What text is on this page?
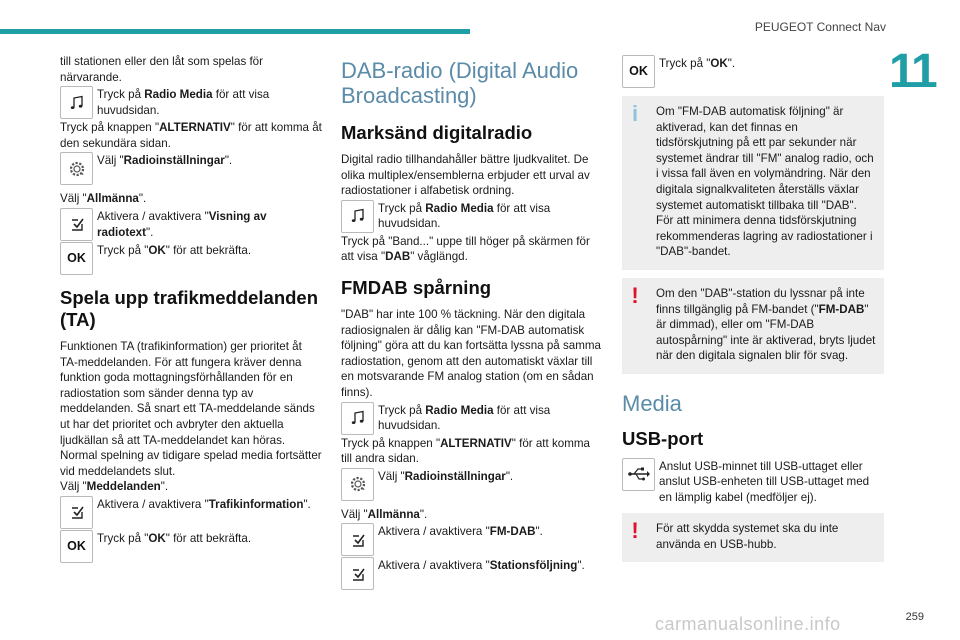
PEUGEOT Connect Nav
11
till stationen eller den låt som spelas för närvarande.
Tryck på Radio Media för att visa huvudsidan.
Tryck på knappen "ALTERNATIV" för att komma åt den sekundära sidan.
Välj "Radioinställningar".
Välj "Allmänna".
Aktivera / avaktivera "Visning av radiotext".
OK
Tryck på "OK" för att bekräfta.
Spela upp trafikmeddelanden (TA)
Funktionen TA (trafikinformation) ger prioritet åt TA-meddelanden. För att fungera kräver denna funktion goda mottagningsförhållanden för en radiostation som sänder denna typ av meddelanden. Så snart ett TA-meddelande sänds ut har det prioritet och avbryter den aktuella ljudkällan så att TA-meddelandet kan höras. Normal spelning av tidigare spelad media fortsätter vid meddelandets slut.
Välj "Meddelanden".
Aktivera / avaktivera "Trafikinformation".
OK
Tryck på "OK" för att bekräfta.
DAB-radio (Digital Audio Broadcasting)
Marksänd digitalradio
Digital radio tillhandahåller bättre ljudkvalitet. De olika multiplex/ensemblerna erbjuder ett urval av radiostationer i alfabetisk ordning.
Tryck på Radio Media för att visa huvudsidan.
Tryck på "Band..." uppe till höger på skärmen för att visa "DAB" våglängd.
FMDAB spårning
"DAB" har inte 100 % täckning. När den digitala radiosignalen är dålig kan "FM-DAB automatisk följning" göra att du kan fortsätta lyssna på samma radiostation, genom att den automatiskt växlar till en motsvarande FM analog station (om en sådan finns).
Tryck på Radio Media för att visa huvudsidan.
Tryck på knappen "ALTERNATIV" för att komma till andra sidan.
Välj "Radioinställningar".
Välj "Allmänna".
Aktivera / avaktivera "FM-DAB".
Aktivera / avaktivera "Stationsföljning".
OK
Tryck på "OK".
i	Om "FM-DAB automatisk följning" är aktiverad, kan det finnas en tidsförskjutning på ett par sekunder när systemet ändrar till "FM" analog radio, och i vissa fall även en volymändring. När den digitala signalkvaliteten återställs växlar systemet automatiskt tillbaka till "DAB". För att minimera denna tidsförskjutning rekommenderas lagring av radiostationer i "DAB"-bandet.
!	Om den "DAB"-station du lyssnar på inte finns tillgänglig på FM-bandet ("FM-DAB" är dimmad), eller om "FM-DAB autospårning" inte är aktiverad, bryts ljudet när den digitala signalen blir för svag.
Media
USB-port
Anslut USB-minnet till USB-uttaget eller anslut USB-enheten till USB-uttaget med en lämplig kabel (medföljer ej).
!	För att skydda systemet ska du inte använda en USB-hubb.
259
carmanualsonline.info
